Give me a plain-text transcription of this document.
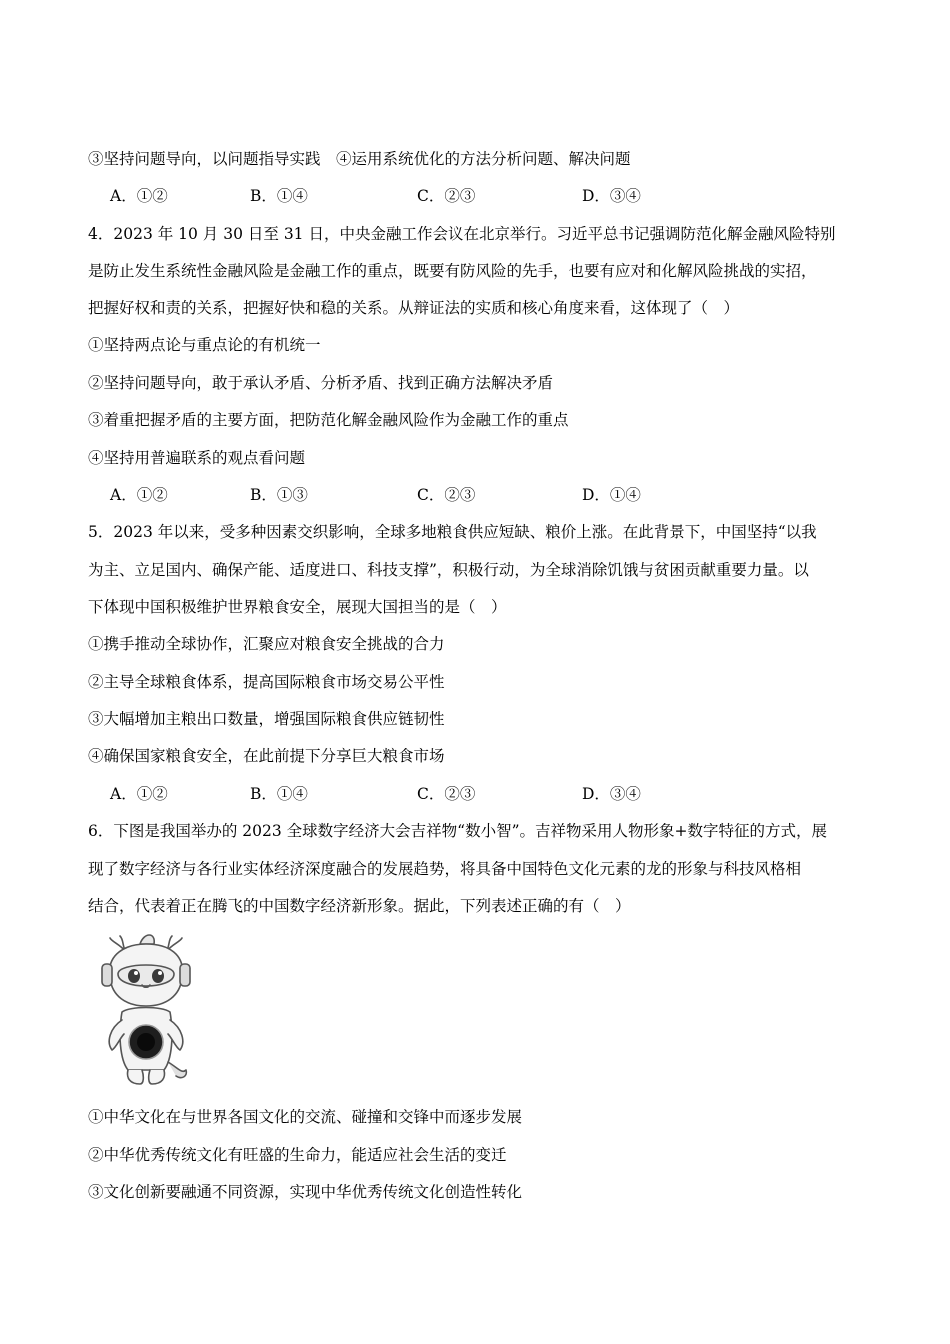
③坚持问题导向，以问题指导实践　④运用系统优化的方法分析问题、解决问题
A．①②	B．①④	C．②③	D．③④
4．2023 年 10 月 30 日至 31 日，中央金融工作会议在北京举行。习近平总书记强调防范化解金融风险特别
是防止发生系统性金融风险是金融工作的重点，既要有防风险的先手，也要有应对和化解风险挑战的实招，
把握好权和责的关系，把握好快和稳的关系。从辩证法的实质和核心角度来看，这体现了（　）
①坚持两点论与重点论的有机统一
②坚持问题导向，敢于承认矛盾、分析矛盾、找到正确方法解决矛盾
③着重把握矛盾的主要方面，把防范化解金融风险作为金融工作的重点
④坚持用普遍联系的观点看问题
A．①②	B．①③	C．②③	D．①④
5．2023 年以来，受多种因素交织影响，全球多地粮食供应短缺、粮价上涨。在此背景下，中国坚持“以我
为主、立足国内、确保产能、适度进口、科技支撑”，积极行动，为全球消除饥饿与贫困贡献重要力量。以
下体现中国积极维护世界粮食安全，展现大国担当的是（　）
①携手推动全球协作，汇聚应对粮食安全挑战的合力
②主导全球粮食体系，提高国际粮食市场交易公平性
③大幅增加主粮出口数量，增强国际粮食供应链韧性
④确保国家粮食安全，在此前提下分享巨大粮食市场
A．①②	B．①④	C．②③	D．③④
6．下图是我国举办的 2023 全球数字经济大会吉祥物“数小智”。吉祥物采用人物形象+数字特征的方式，展
现了数字经济与各行业实体经济深度融合的发展趋势，将具备中国特色文化元素的龙的形象与科技风格相
结合，代表着正在腾飞的中国数字经济新形象。据此，下列表述正确的有（　）
①中华文化在与世界各国文化的交流、碰撞和交锋中而逐步发展
②中华优秀传统文化有旺盛的生命力，能适应社会生活的变迁
③文化创新要融通不同资源，实现中华优秀传统文化创造性转化
